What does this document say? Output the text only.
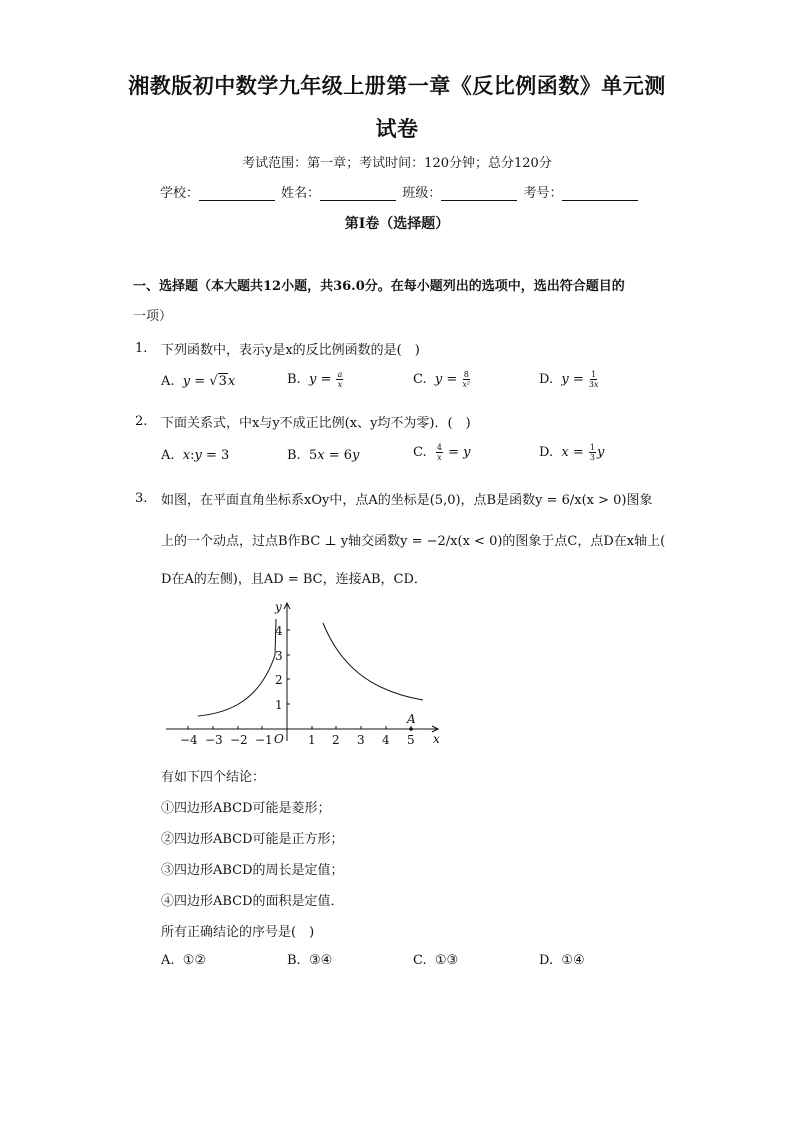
湘教版初中数学九年级上册第一章《反比例函数》单元测
试卷
考试范围：第一章；考试时间：120分钟；总分120分
学校：	姓名：	班级：	考号：
第I卷（选择题）
一、选择题（本大题共12小题，共36.0分。在每小题列出的选项中，选出符合题目的
一项）
1. 下列函数中，表示y是x的反比例函数的是(　)
A. y = √3x	B. $y = \frac{a}{x}$	C. $y = \frac{8}{\text{x²}}$	D. $y = \frac{1}{3x}$
2. 下面关系式，中x与y不成正比例(x、y均不为零)．(　)
A. x:y = 3	B.  5x = 6y	C. $\frac{4}{x} = y$	D. $x = \frac{1}{3}$ y
3. 如图，在平面直角坐标系xOy中，点A的坐标是(5,0)，点B是函数y = 6/x(x > 0)图象
上的一个动点，过点B作BC ⊥ y轴交函数y = −2/x(x < 0)的图象于点C，点D在x轴上(
D在A的左侧)，且AD = BC，连接AB，CD．
−4 −3 −2 −1 O 1 2 3 4 5 x
y
1
2
3
4
A
有如下四个结论：
①四边形ABCD可能是菱形；
②四边形ABCD可能是正方形；
③四边形ABCD的周长是定值；
④四边形ABCD的面积是定值．
所有正确结论的序号是(　)
A. ①②	B. ③④	C. ①③	D. ①④
